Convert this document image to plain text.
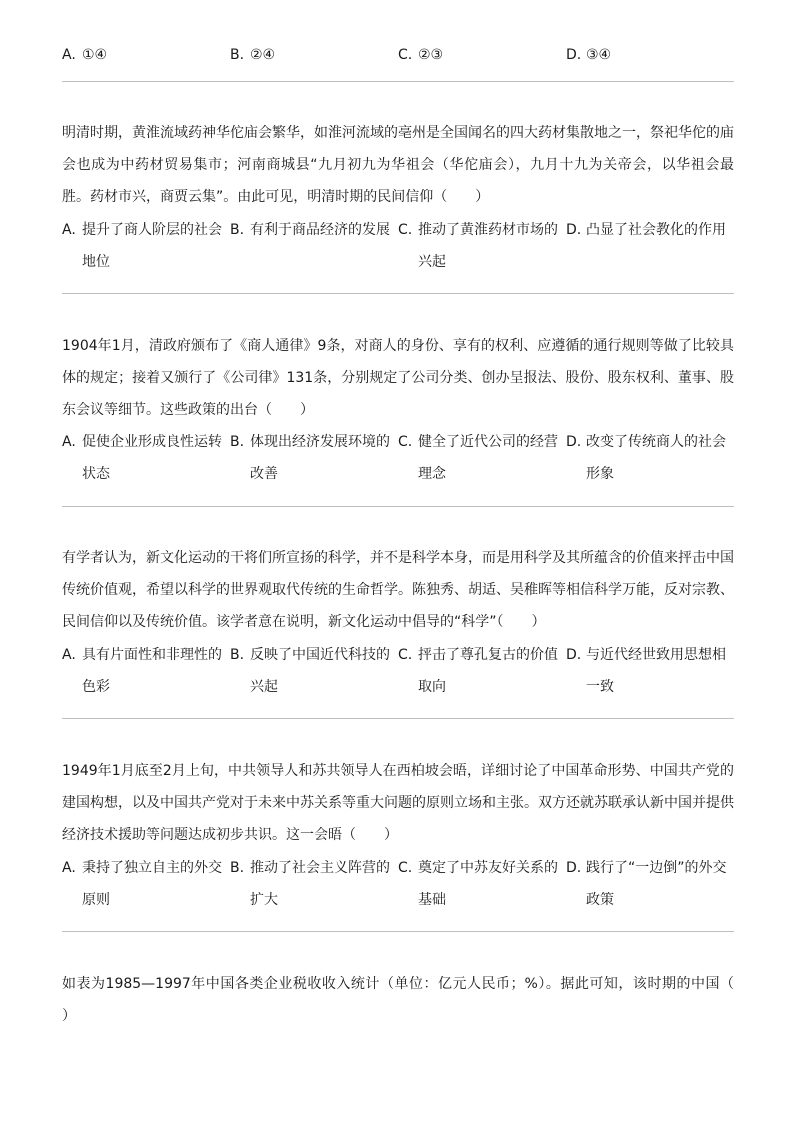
A. ①④	B. ②④	C. ②③	D. ③④

明清时期，黄淮流域药神华佗庙会繁华，如淮河流域的亳州是全国闻名的四大药材集散地之一，祭祀华佗的庙会也成为中药材贸易集市；河南商城县“九月初九为华祖会（华佗庙会），九月十九为关帝会，以华祖会最胜。药材市兴，商贾云集”。由此可见，明清时期的民间信仰（　　）

A. 提升了商人阶层的社会地位
B. 有利于商品经济的发展 C. 推动了黄淮药材市场的兴起
D. 凸显了社会教化的作用

1904年1月，清政府颁布了《商人通律》9条，对商人的身份、享有的权利、应遵循的通行规则等做了比较具体的规定；接着又颁行了《公司律》131条，分别规定了公司分类、创办呈报法、股份、股东权利、董事、股东会议等细节。这些政策的出台（　　）

A. 促使企业形成良性运转状态
B. 体现出经济发展环境的改善
C. 健全了近代公司的经营理念
D. 改变了传统商人的社会形象

有学者认为，新文化运动的干将们所宣扬的科学，并不是科学本身，而是用科学及其所蕴含的价值来抨击中国传统价值观，希望以科学的世界观取代传统的生命哲学。陈独秀、胡适、吴稚晖等相信科学万能，反对宗教、民间信仰以及传统价值。该学者意在说明，新文化运动中倡导的“科学”（　　）

A. 具有片面性和非理性的色彩
B. 反映了中国近代科技的兴起
C. 抨击了尊孔复古的价值取向
D. 与近代经世致用思想相一致

1949年1月底至2月上旬，中共领导人和苏共领导人在西柏坡会晤，详细讨论了中国革命形势、中国共产党的建国构想，以及中国共产党对于未来中苏关系等重大问题的原则立场和主张。双方还就苏联承认新中国并提供经济技术援助等问题达成初步共识。这一会晤（　　）

A. 秉持了独立自主的外交原则
B. 推动了社会主义阵营的扩大
C. 奠定了中苏友好关系的基础
D. 践行了“一边倒”的外交政策

如表为1985—1997年中国各类企业税收收入统计（单位：亿元人民币；%）。据此可知，该时期的中国（　　）
